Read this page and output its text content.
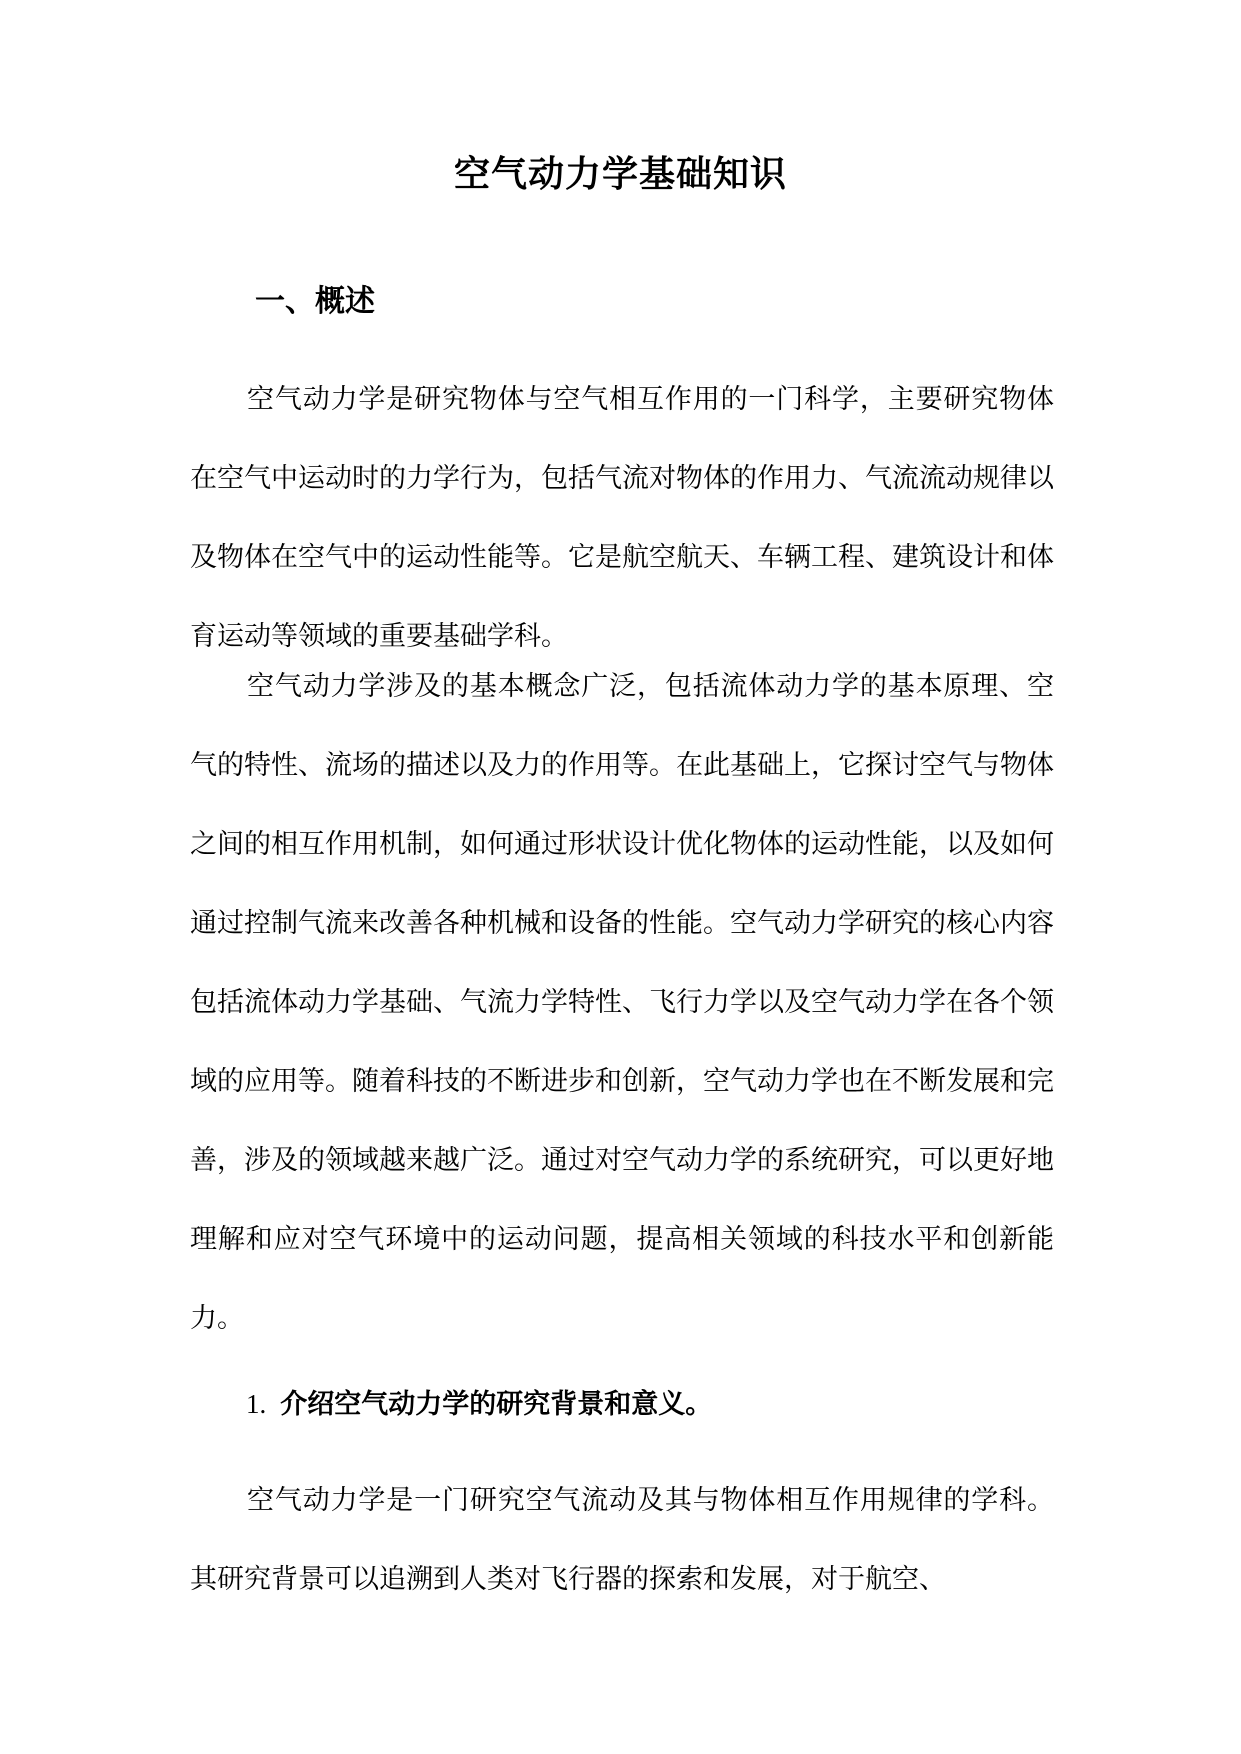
空气动力学基础知识
一、概述

空气动力学是研究物体与空气相互作用的一门科学，主要研究物体在空气中运动时的力学行为，包括气流对物体的作用力、气流流动规律以及物体在空气中的运动性能等。它是航空航天、车辆工程、建筑设计和体育运动等领域的重要基础学科。

空气动力学涉及的基本概念广泛，包括流体动力学的基本原理、空气的特性、流场的描述以及力的作用等。在此基础上，它探讨空气与物体之间的相互作用机制，如何通过形状设计优化物体的运动性能，以及如何通过控制气流来改善各种机械和设备的性能。空气动力学研究的核心内容包括流体动力学基础、气流力学特性、飞行力学以及空气动力学在各个领域的应用等。随着科技的不断进步和创新，空气动力学也在不断发展和完善，涉及的领域越来越广泛。通过对空气动力学的系统研究，可以更好地理解和应对空气环境中的运动问题，提高相关领域的科技水平和创新能力。

1. 介绍空气动力学的研究背景和意义。

空气动力学是一门研究空气流动及其与物体相互作用规律的学科。其研究背景可以追溯到人类对飞行器的探索和发展，对于航空、
